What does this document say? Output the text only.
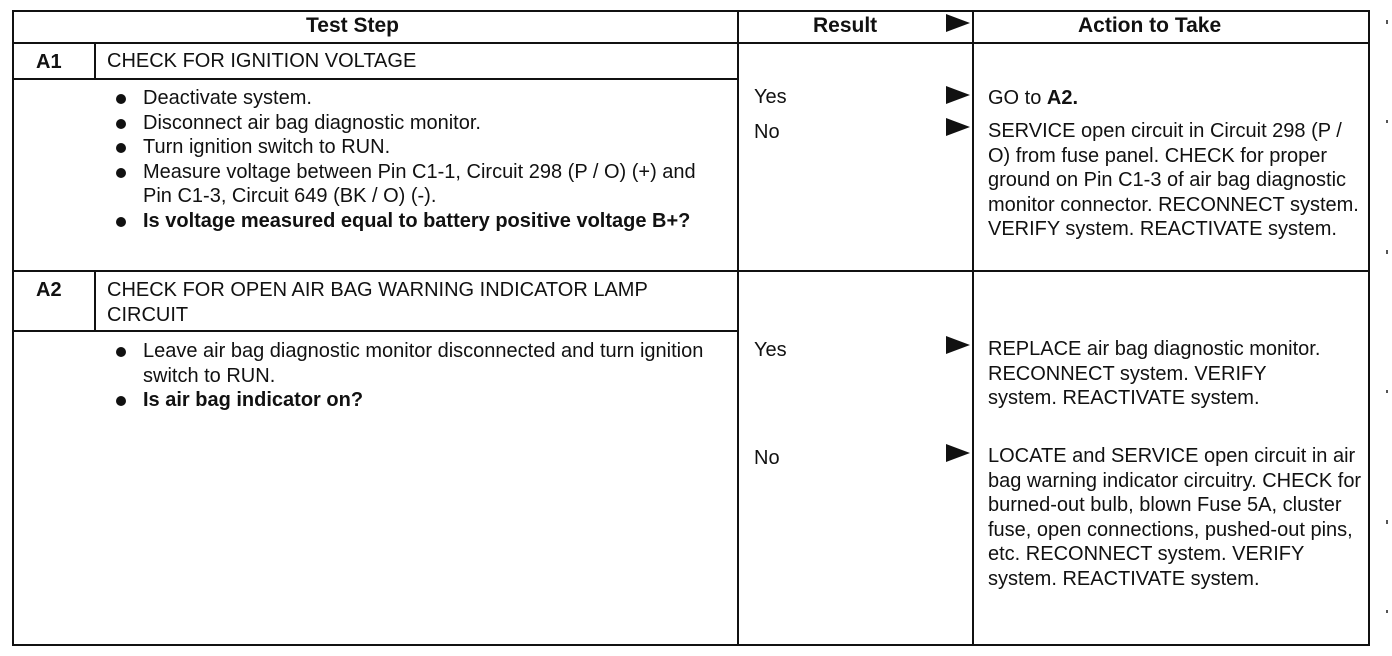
Test Step	Result	Action to Take
A1 CHECK FOR IGNITION VOLTAGE
Deactivate system.
Disconnect air bag diagnostic monitor.
Turn ignition switch to RUN.
Measure voltage between Pin C1-1, Circuit 298 (P / O) (+) and Pin C1-3, Circuit 649 (BK / O) (-).
Is voltage measured equal to battery positive voltage B+?
Yes	GO to A2.
No	SERVICE open circuit in Circuit 298 (P / O) from fuse panel. CHECK for proper ground on Pin C1-3 of air bag diagnostic monitor connector. RECONNECT system. VERIFY system. REACTIVATE system.
A2 CHECK FOR OPEN AIR BAG WARNING INDICATOR LAMP CIRCUIT
Leave air bag diagnostic monitor disconnected and turn ignition switch to RUN.
Is air bag indicator on?
Yes	REPLACE air bag diagnostic monitor. RECONNECT system. VERIFY system. REACTIVATE system.
No	LOCATE and SERVICE open circuit in air bag warning indicator circuitry. CHECK for burned-out bulb, blown Fuse 5A, cluster fuse, open connections, pushed-out pins, etc. RECONNECT system. VERIFY system. REACTIVATE system.
